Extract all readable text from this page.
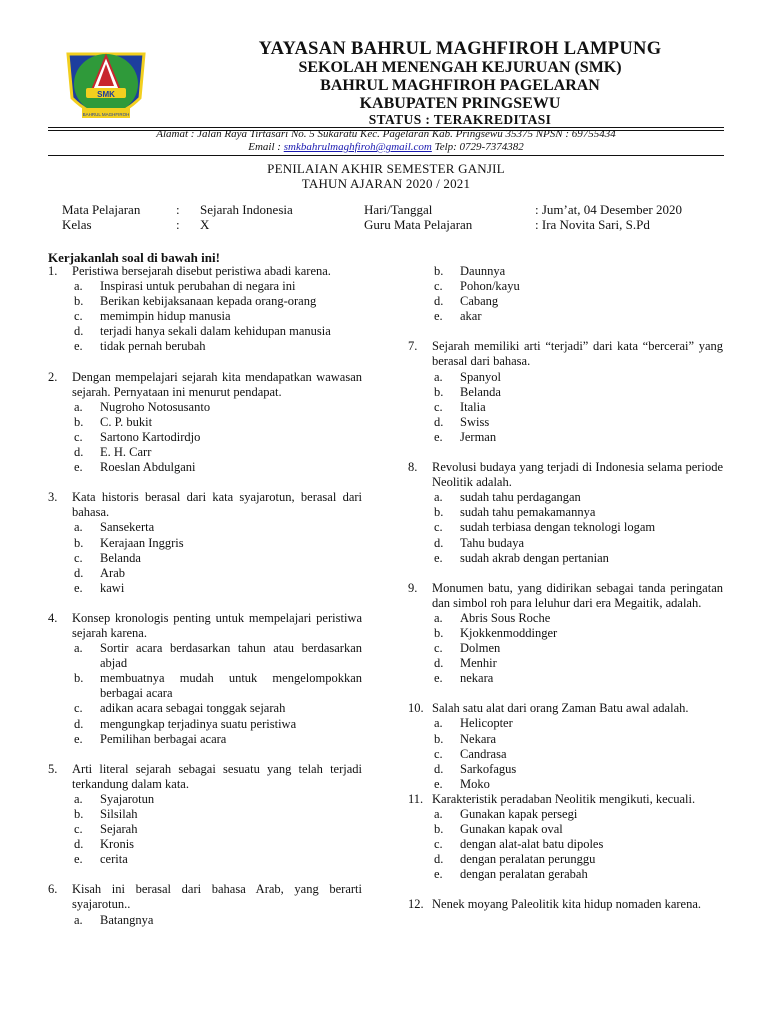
SMK
BAHRUL MAGHFIROH
YAYASAN BAHRUL MAGHFIROH LAMPUNG
SEKOLAH MENENGAH KEJURUAN (SMK)
BAHRUL MAGHFIROH PAGELARAN
KABUPATEN PRINGSEWU
STATUS : TERAKREDITASI
Alamat : Jalan Raya Tirtasari No. 5 Sukaratu Kec. Pagelaran Kab. Pringsewu 35375 NPSN : 69755434
Email : smkbahrulmaghfiroh@gmail.com Telp: 0729-7374382
PENILAIAN AKHIR SEMESTER GANJIL
TAHUN AJARAN 2020 / 2021
Mata Pelajaran	: Sejarah Indonesia
Kelas	: X
Hari/Tanggal	: Jum’at, 04 Desember 2020
Guru Mata Pelajaran	: Ira Novita Sari, S.Pd
Kerjakanlah soal di bawah ini!
1.	Peristiwa bersejarah disebut peristiwa abadi karena.
a.	Inspirasi untuk perubahan di negara ini
b.	Berikan kebijaksanaan kepada orang-orang
c.	memimpin hidup manusia
d.	terjadi hanya sekali dalam kehidupan manusia
e.	tidak pernah berubah
2.	Dengan mempelajari sejarah kita mendapatkan wawasan sejarah. Pernyataan ini menurut pendapat.
a.	Nugroho Notosusanto
b.	C. P. bukit
c.	Sartono Kartodirdjo
d.	E. H. Carr
e.	Roeslan Abdulgani
3.	Kata historis berasal dari kata syajarotun, berasal dari bahasa.
a.	Sansekerta
b.	Kerajaan Inggris
c.	Belanda
d.	Arab
e.	kawi
4.	Konsep kronologis penting untuk mempelajari peristiwa sejarah karena.
a.	Sortir acara berdasarkan tahun atau berdasarkan abjad
b.	membuatnya mudah untuk mengelompokkan berbagai acara
c.	adikan acara sebagai tonggak sejarah
d.	mengungkap terjadinya suatu peristiwa
e.	Pemilihan berbagai acara
5.	Arti literal sejarah sebagai sesuatu yang telah terjadi terkandung dalam kata.
a.	Syajarotun
b.	Silsilah
c.	Sejarah
d.	Kronis
e.	cerita
6.	Kisah ini berasal dari bahasa Arab, yang berarti syajarotun..
a.	Batangnya
b.	Daunnya
c.	Pohon/kayu
d.	Cabang
e.	akar
7.	Sejarah memiliki arti “terjadi” dari kata “bercerai” yang berasal dari bahasa.
a.	Spanyol
b.	Belanda
c.	Italia
d.	Swiss
e.	Jerman
8.	Revolusi budaya yang terjadi di Indonesia selama periode Neolitik adalah.
a.	sudah tahu perdagangan
b.	sudah tahu pemakamannya
c.	sudah terbiasa dengan teknologi logam
d.	Tahu budaya
e.	sudah akrab dengan pertanian
9.	Monumen batu, yang didirikan sebagai tanda peringatan dan simbol roh para leluhur dari era Megaitik, adalah.
a.	Abris Sous Roche
b.	Kjokkenmoddinger
c.	Dolmen
d.	Menhir
e.	nekara
10. Salah satu alat dari orang Zaman Batu awal adalah.
a.	Helicopter
b.	Nekara
c.	Candrasa
d.	Sarkofagus
e.	Moko
11. Karakteristik peradaban Neolitik mengikuti, kecuali.
a.	Gunakan kapak persegi
b.	Gunakan kapak oval
c.	dengan alat-alat batu dipoles
d.	dengan peralatan perunggu
e.	dengan peralatan gerabah
12. Nenek moyang Paleolitik kita hidup nomaden karena.
